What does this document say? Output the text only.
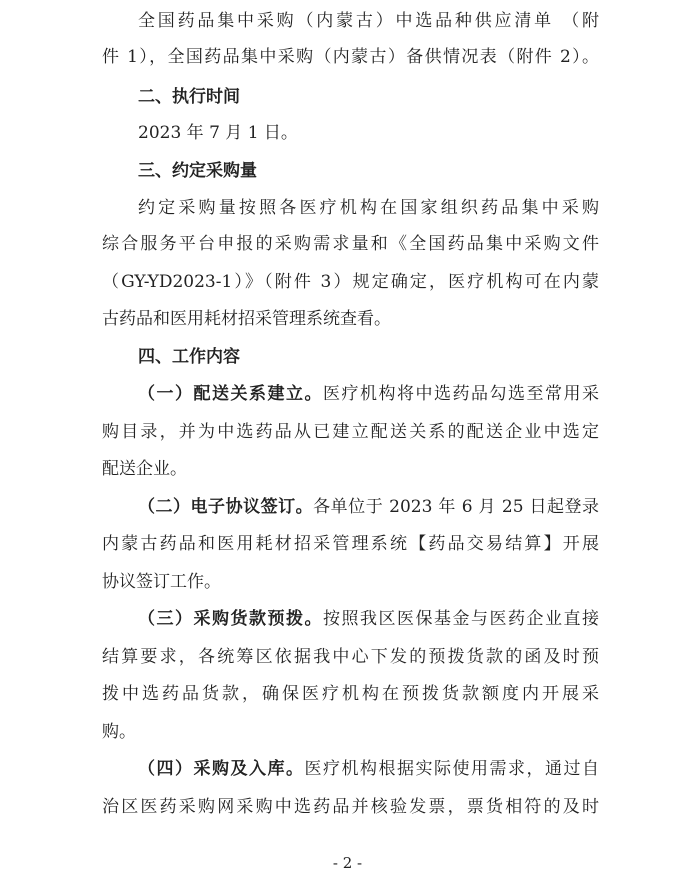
全国药品集中采购（内蒙古）中选品种供应清单 （附
件 1），全国药品集中采购（内蒙古）备供情况表（附件 2）。
二、执行时间
2023 年 7 月 1 日。
三、约定采购量
约定采购量按照各医疗机构在国家组织药品集中采购
综合服务平台申报的采购需求量和《全国药品集中采购文件
（GY-YD2023-1）》（附件 3）规定确定，医疗机构可在内蒙
古药品和医用耗材招采管理系统查看。
四、工作内容
（一）配送关系建立。医疗机构将中选药品勾选至常用采
购目录，并为中选药品从已建立配送关系的配送企业中选定
配送企业。
（二）电子协议签订。各单位于 2023 年 6 月 25 日起登录
内蒙古药品和医用耗材招采管理系统【药品交易结算】开展
协议签订工作。
（三）采购货款预拨。按照我区医保基金与医药企业直接
结算要求，各统筹区依据我中心下发的预拨货款的函及时预
拨中选药品货款，确保医疗机构在预拨货款额度内开展采
购。
（四）采购及入库。医疗机构根据实际使用需求，通过自
治区医药采购网采购中选药品并核验发票，票货相符的及时
- 2 -
